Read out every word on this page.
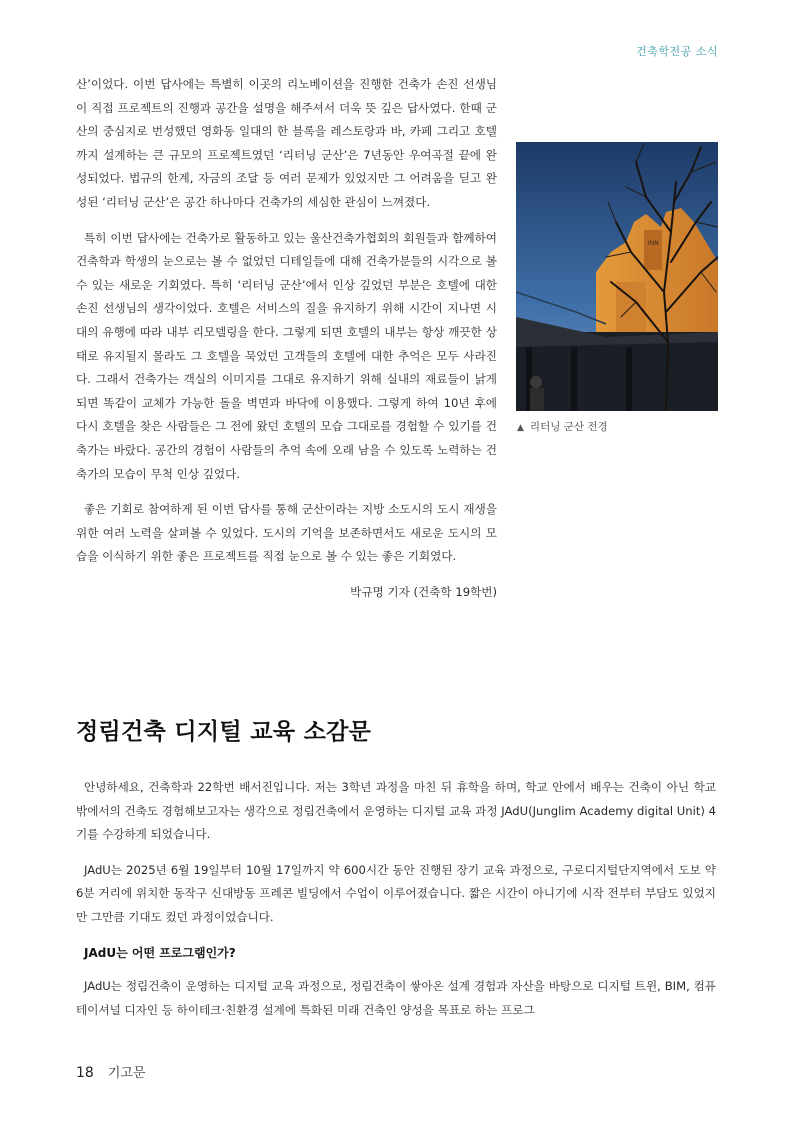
건축학전공 소식

산’이었다. 이번 답사에는 특별히 이곳의 리노베이션을 진행한 건축가 손진 선생님이 직접 프로젝트의 진행과 공간을 설명을 해주셔서 더욱 뜻 깊은 답사였다. 한때 군산의 중심지로 번성했던 영화동 일대의 한 블록을 레스토랑과 바, 카페 그리고 호텔까지 설계하는 큰 규모의 프로젝트였던 ‘리터닝 군산’은 7년동안 우여곡절 끝에 완성되었다. 법규의 한계, 자금의 조달 등 여러 문제가 있었지만 그 어려움을 딛고 완성된 ‘리터닝 군산’은 공간 하나마다 건축가의 세심한 관심이 느껴졌다.

특히 이번 답사에는 건축가로 활동하고 있는 울산건축가협회의 회원들과 함께하여 건축학과 학생의 눈으로는 볼 수 없었던 디테일들에 대해 건축가분들의 시각으로 볼 수 있는 새로운 기회였다. 특히 ‘리터닝 군산’에서 인상 깊었던 부분은 호텔에 대한 손진 선생님의 생각이었다. 호텔은 서비스의 질을 유지하기 위해 시간이 지나면 시대의 유행에 따라 내부 리모델링을 한다. 그렇게 되면 호텔의 내부는 항상 깨끗한 상태로 유지될지 몰라도 그 호텔을 묵었던 고객들의 호텔에 대한 추억은 모두 사라진다. 그래서 건축가는 객실의 이미지를 그대로 유지하기 위해 실내의 재료들이 낡게 되면 똑같이 교체가 가능한 돌을 벽면과 바닥에 이용했다. 그렇게 하여 10년 후에 다시 호텔을 찾은 사람들은 그 전에 왔던 호텔의 모습 그대로를 경험할 수 있기를 건축가는 바랐다. 공간의 경험이 사람들의 추억 속에 오래 남을 수 있도록 노력하는 건축가의 모습이 무척 인상 깊었다.

좋은 기회로 참여하게 된 이번 답사를 통해 군산이라는 지방 소도시의 도시 재생을 위한 여러 노력을 살펴볼 수 있었다. 도시의 기억을 보존하면서도 새로운 도시의 모습을 이식하기 위한 좋은 프로젝트를 직접 눈으로 볼 수 있는 좋은 기회였다.

박규명 기자 (건축학 19학번)
INN
▲ 리터닝 군산 전경
정림건축 디지털 교육 소감문

안녕하세요, 건축학과 22학번 배서진입니다. 저는 3학년 과정을 마친 뒤 휴학을 하며, 학교 안에서 배우는 건축이 아닌 학교 밖에서의 건축도 경험해보고자는 생각으로 정림건축에서 운영하는 디지털 교육 과정 JAdU(Junglim Academy digital Unit) 4기를 수강하게 되었습니다.

JAdU는 2025년 6월 19일부터 10월 17일까지 약 600시간 동안 진행된 장기 교육 과정으로, 구로디지털단지역에서 도보 약 6분 거리에 위치한 동작구 신대방동 프레콘 빌딩에서 수업이 이루어졌습니다. 짧은 시간이 아니기에 시작 전부터 부담도 있었지만 그만큼 기대도 컸던 과정이었습니다.

JAdU는 어떤 프로그램인가?

JAdU는 정림건축이 운영하는 디지털 교육 과정으로, 정림건축이 쌓아온 설계 경험과 자산을 바탕으로 디지털 트윈, BIM, 컴퓨테이셔널 디자인 등 하이테크·친환경 설계에 특화된 미래 건축인 양성을 목표로 하는 프로그

18 기고문
